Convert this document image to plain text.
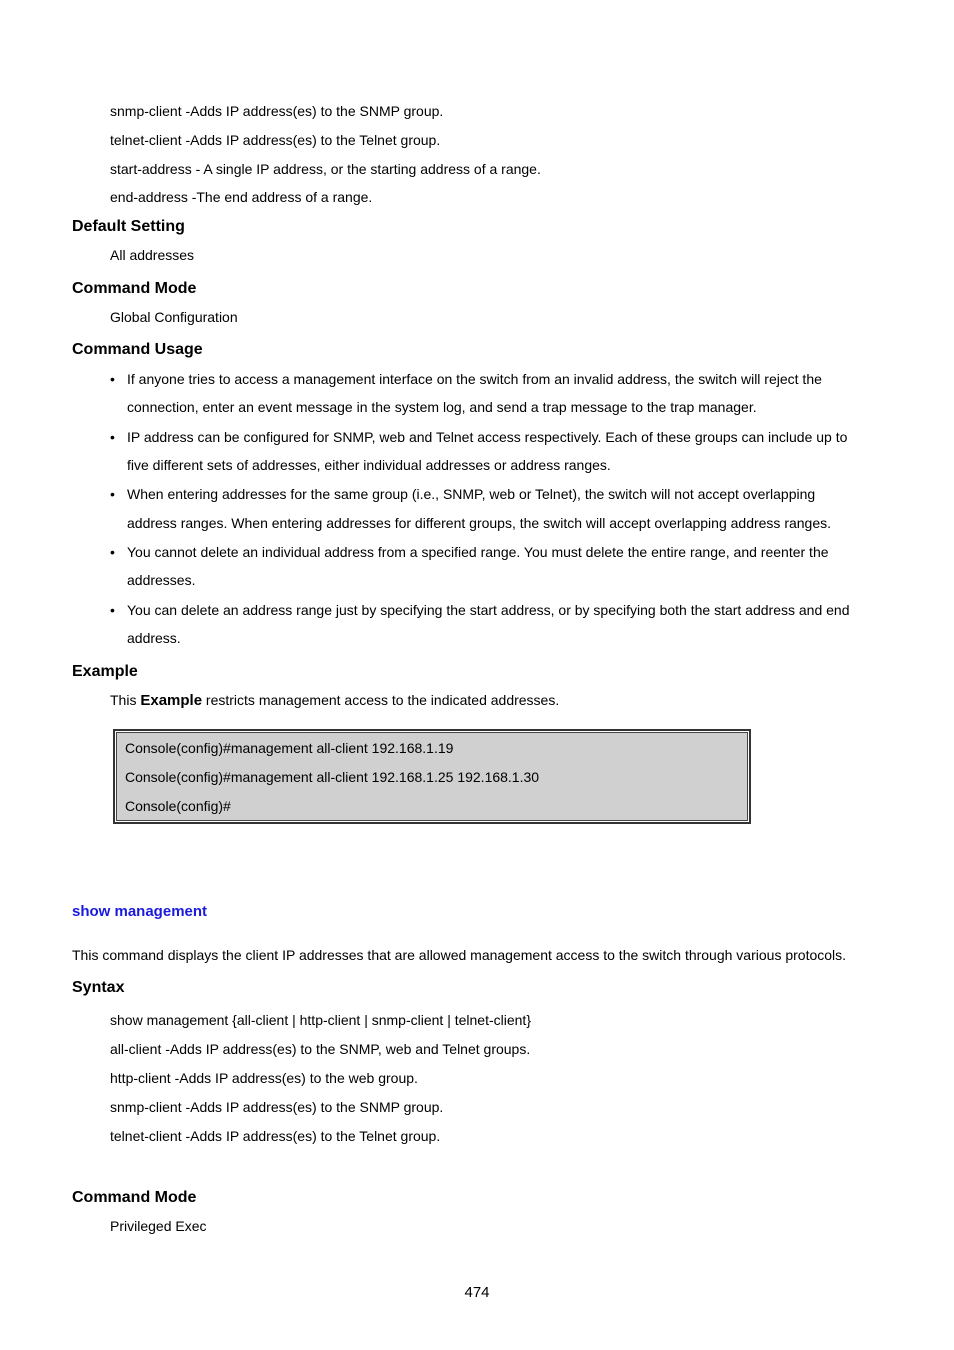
snmp-client -Adds IP address(es) to the SNMP group.
telnet-client -Adds IP address(es) to the Telnet group.
start-address - A single IP address, or the starting address of a range.
end-address -The end address of a range.
Default Setting
All addresses
Command Mode
Global Configuration
Command Usage
• If anyone tries to access a management interface on the switch from an invalid address, the switch will reject the
connection, enter an event message in the system log, and send a trap message to the trap manager.
• IP address can be configured for SNMP, web and Telnet access respectively. Each of these groups can include up to
five different sets of addresses, either individual addresses or address ranges.
• When entering addresses for the same group (i.e., SNMP, web or Telnet), the switch will not accept overlapping
address ranges. When entering addresses for different groups, the switch will accept overlapping address ranges.
• You cannot delete an individual address from a specified range. You must delete the entire range, and reenter the
addresses.
• You can delete an address range just by specifying the start address, or by specifying both the start address and end
address.
Example
This Example restricts management access to the indicated addresses.
Console(config)#management all-client 192.168.1.19
Console(config)#management all-client 192.168.1.25 192.168.1.30
Console(config)#
show management
This command displays the client IP addresses that are allowed management access to the switch through various protocols.
Syntax
show management {all-client | http-client | snmp-client | telnet-client}
all-client -Adds IP address(es) to the SNMP, web and Telnet groups.
http-client -Adds IP address(es) to the web group.
snmp-client -Adds IP address(es) to the SNMP group.
telnet-client -Adds IP address(es) to the Telnet group.
Command Mode
Privileged Exec
474
